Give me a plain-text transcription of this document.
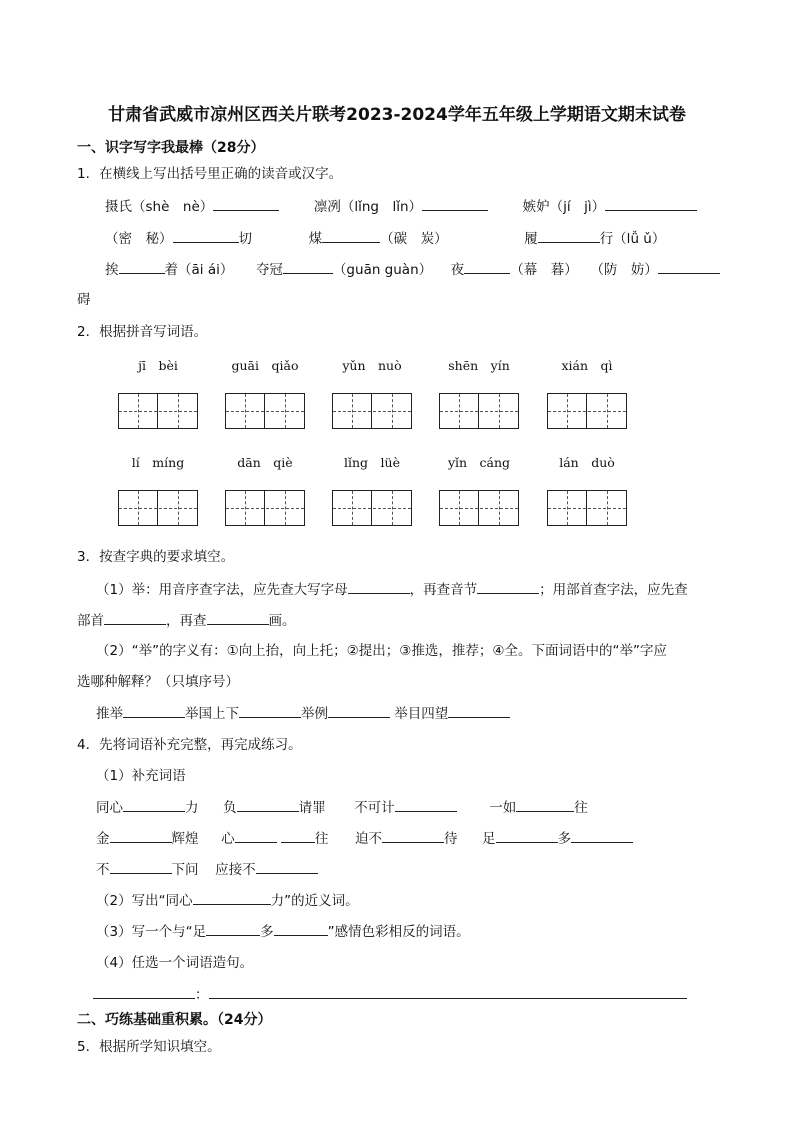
甘肃省武威市凉州区西关片联考2023-2024学年五年级上学期语文期末试卷
一、识字写字我最棒（28分）
1．在横线上写出括号里正确的读音或汉字。
摄氏（shè　nè）	凛冽（lǐng　lǐn）	嫉妒（jí　jì）
（密　秘）	切	煤	（碳　炭）	履	行（lǚ ǔ）
挨	着（āi ái） 夺冠	（guān guàn） 夜	（幕　暮） （防　妨）
碍
2．根据拼音写词语。
jī　bèi	guāi　qiǎo	yǔn　nuò	shēn　yín	xián　qì
lí　míng	dān　qiè	lǐng　lüè	yǐn　cáng	lán　duò
3．按查字典的要求填空。
（1）举：用音序查字法，应先查大写字母	，再查音节	；用部首查字法，应先查
部首	，再查	画。
（2）“举”的字义有：①向上抬，向上托；②提出；③推选，推荐；④全。下面词语中的“举”字应
选哪种解释？（只填序号）
推举	举国上下	举例	举目四望
4．先将词语补充完整，再完成练习。
（1）补充词语
同心	力 负	请罪 不可计	一如	往
金	辉煌 心	往 迫不	待 足	多
不	下问 应接不
（2）写出“同心	力”的近义词。
（3）写一个与“足	多	”感情色彩相反的词语。
（4）任选一个词语造句。
：
二、巧练基础重积累。（24分）
5．根据所学知识填空。
